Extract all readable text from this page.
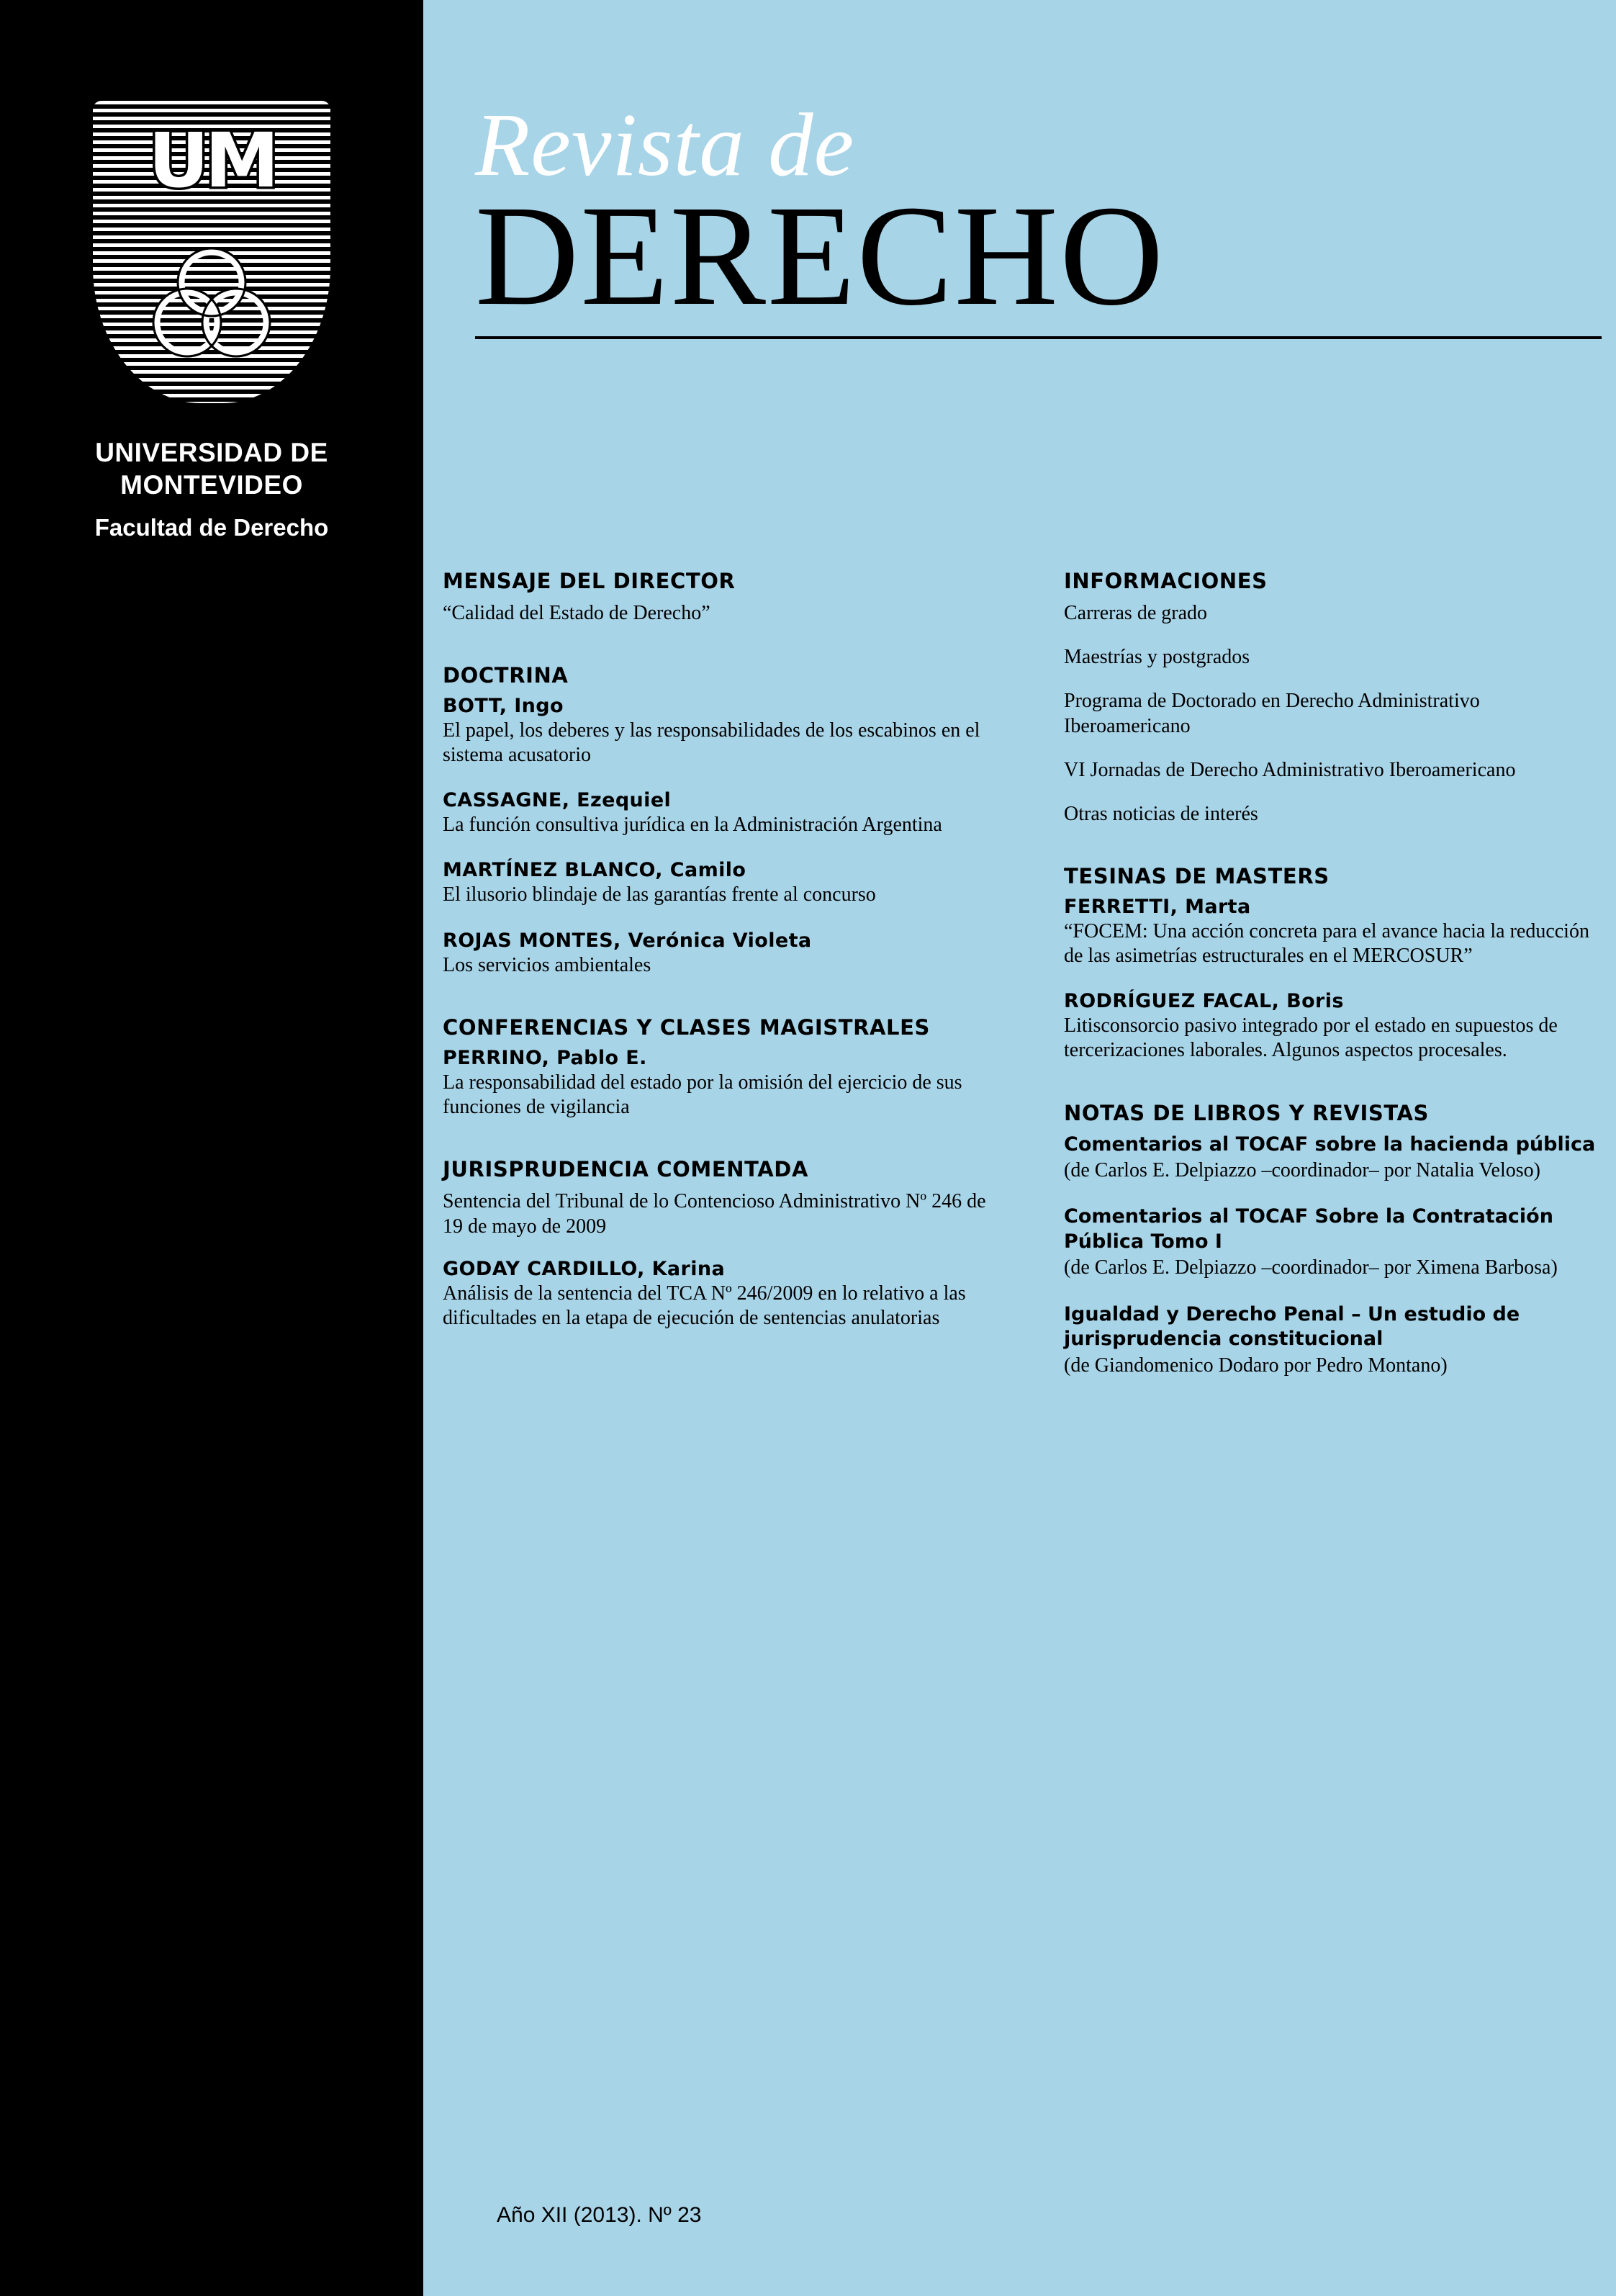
UM
UNIVERSIDAD DE MONTEVIDEO
Facultad de Derecho
Revista de
DERECHO
MENSAJE DEL DIRECTOR
“Calidad del Estado de Derecho”
DOCTRINA
BOTT, Ingo
El papel, los deberes y las responsabilidades de los escabinos en el sistema acusatorio
CASSAGNE, Ezequiel
La función consultiva jurídica en la Administración Argentina
MARTÍNEZ BLANCO, Camilo
El ilusorio blindaje de las garantías frente al concurso
ROJAS MONTES, Verónica Violeta
Los servicios ambientales
CONFERENCIAS Y CLASES MAGISTRALES
PERRINO, Pablo E.
La responsabilidad del estado por la omisión del ejercicio de sus funciones de vigilancia
JURISPRUDENCIA COMENTADA
Sentencia del Tribunal de lo Contencioso Administrativo Nº 246 de 19 de mayo de 2009
GODAY CARDILLO, Karina
Análisis de la sentencia del TCA Nº 246/2009 en lo relativo a las dificultades en la etapa de ejecución de sentencias anulatorias
INFORMACIONES
Carreras de grado
Maestrías y postgrados
Programa de Doctorado en Derecho Administrativo Iberoamericano
VI Jornadas de Derecho Administrativo Iberoamericano
Otras noticias de interés
TESINAS DE MASTERS
FERRETTI, Marta
“FOCEM: Una acción concreta para el avance hacia la reducción de las asimetrías estructurales en el MERCOSUR”
RODRÍGUEZ FACAL, Boris
Litisconsorcio pasivo integrado por el estado en supuestos de tercerizaciones laborales. Algunos aspectos procesales.
NOTAS DE LIBROS Y REVISTAS
Comentarios al TOCAF sobre la hacienda pública
(de Carlos E. Delpiazzo –coordinador– por Natalia Veloso)
Comentarios al TOCAF Sobre la Contratación Pública Tomo I
(de Carlos E. Delpiazzo –coordinador– por Ximena Barbosa)
Igualdad y Derecho Penal – Un estudio de jurisprudencia constitucional
(de Giandomenico Dodaro por Pedro Montano)
Año XII (2013). Nº 23
